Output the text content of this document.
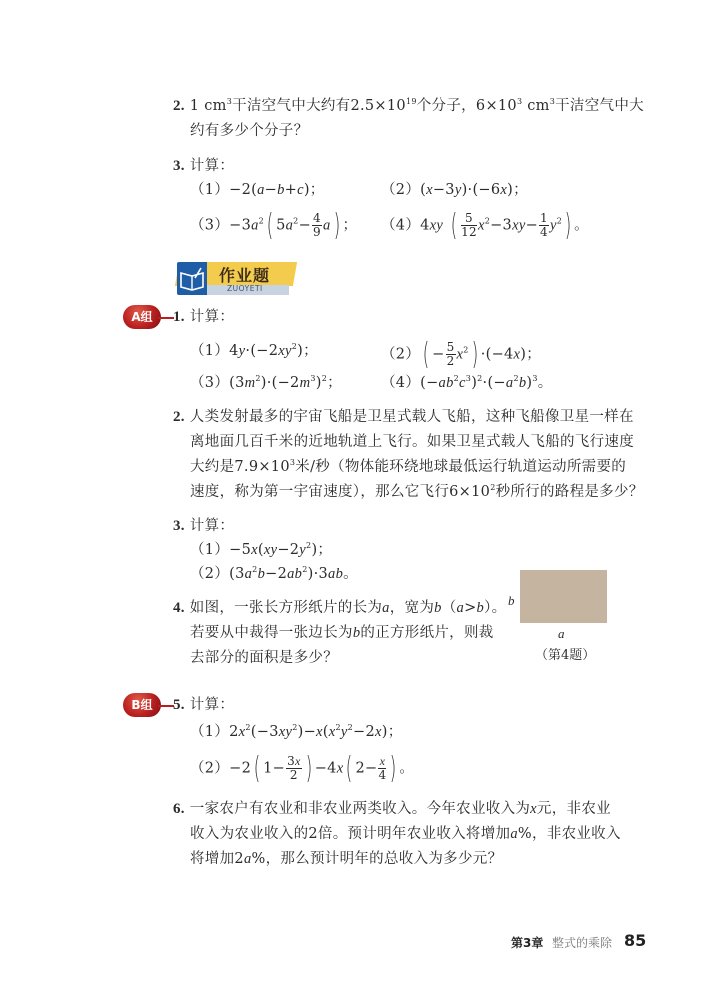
2. 1 $cm^3$干洁空气中大约有$2.5\times 10^{19}$个分子，$6\times 10^3$ $cm^3$干洁空气中大
约有多少个分子？
3. 计算：
（1）−2(a−b+c)；	（2）(x−3y)·(−6x)；
$(3)-3a^2$( $5a^2- \frac{4}{9} a$) ； （4）4xy ( $\frac{5}{12} x^2-3xy- \frac{1}{4} y^2$) 。
作业题
ZUOYETI
A组	1. 计算：
$(1)4y\cdot(-2xy^2)$；	$(2)( - \frac{5}{2} x^2) \cdot(-4x)$；
$(3)(3m^2)\cdot(-2m^3)^2$；	$(4)(-ab^2c^3)^2\cdot(-a^2b)^3$。
2. 人类发射最多的宇宙飞船是卫星式载人飞船，这种飞船像卫星一样在
离地面几百千米的近地轨道上飞行。如果卫星式载人飞船的飞行速度
大约是$7.9\times 10^3$米/秒（物体能环绕地球最低运行轨道运动所需要的
速度，称为第一宇宙速度），那么它飞行$6\times 10^2$秒所行的路程是多少？
3. 计算：
$(1)-5x(xy-2y^2)$；
$(2)(3a^2b-2ab^2)\cdot 3ab$。
4. 如图，一张长方形纸片的长为a，宽为b（a>b）。
若要从中裁得一张边长为b的正方形纸片，则裁
去部分的面积是多少？
b
a
（第4题）
B组	5. 计算：
$(1)2x^2(-3xy^2)-x(x^2y^2-2x)$；
（2）−2( $1- \frac{3x}{2}$ ) −4x( $2- \frac{x}{4}$ ) 。
6. 一家农户有农业和非农业两类收入。今年农业收入为x元，非农业
收入为农业收入的2倍。预计明年农业收入将增加a%，非农业收入
将增加2a%，那么预计明年的总收入为多少元？
第3章 整式的乘除 85
